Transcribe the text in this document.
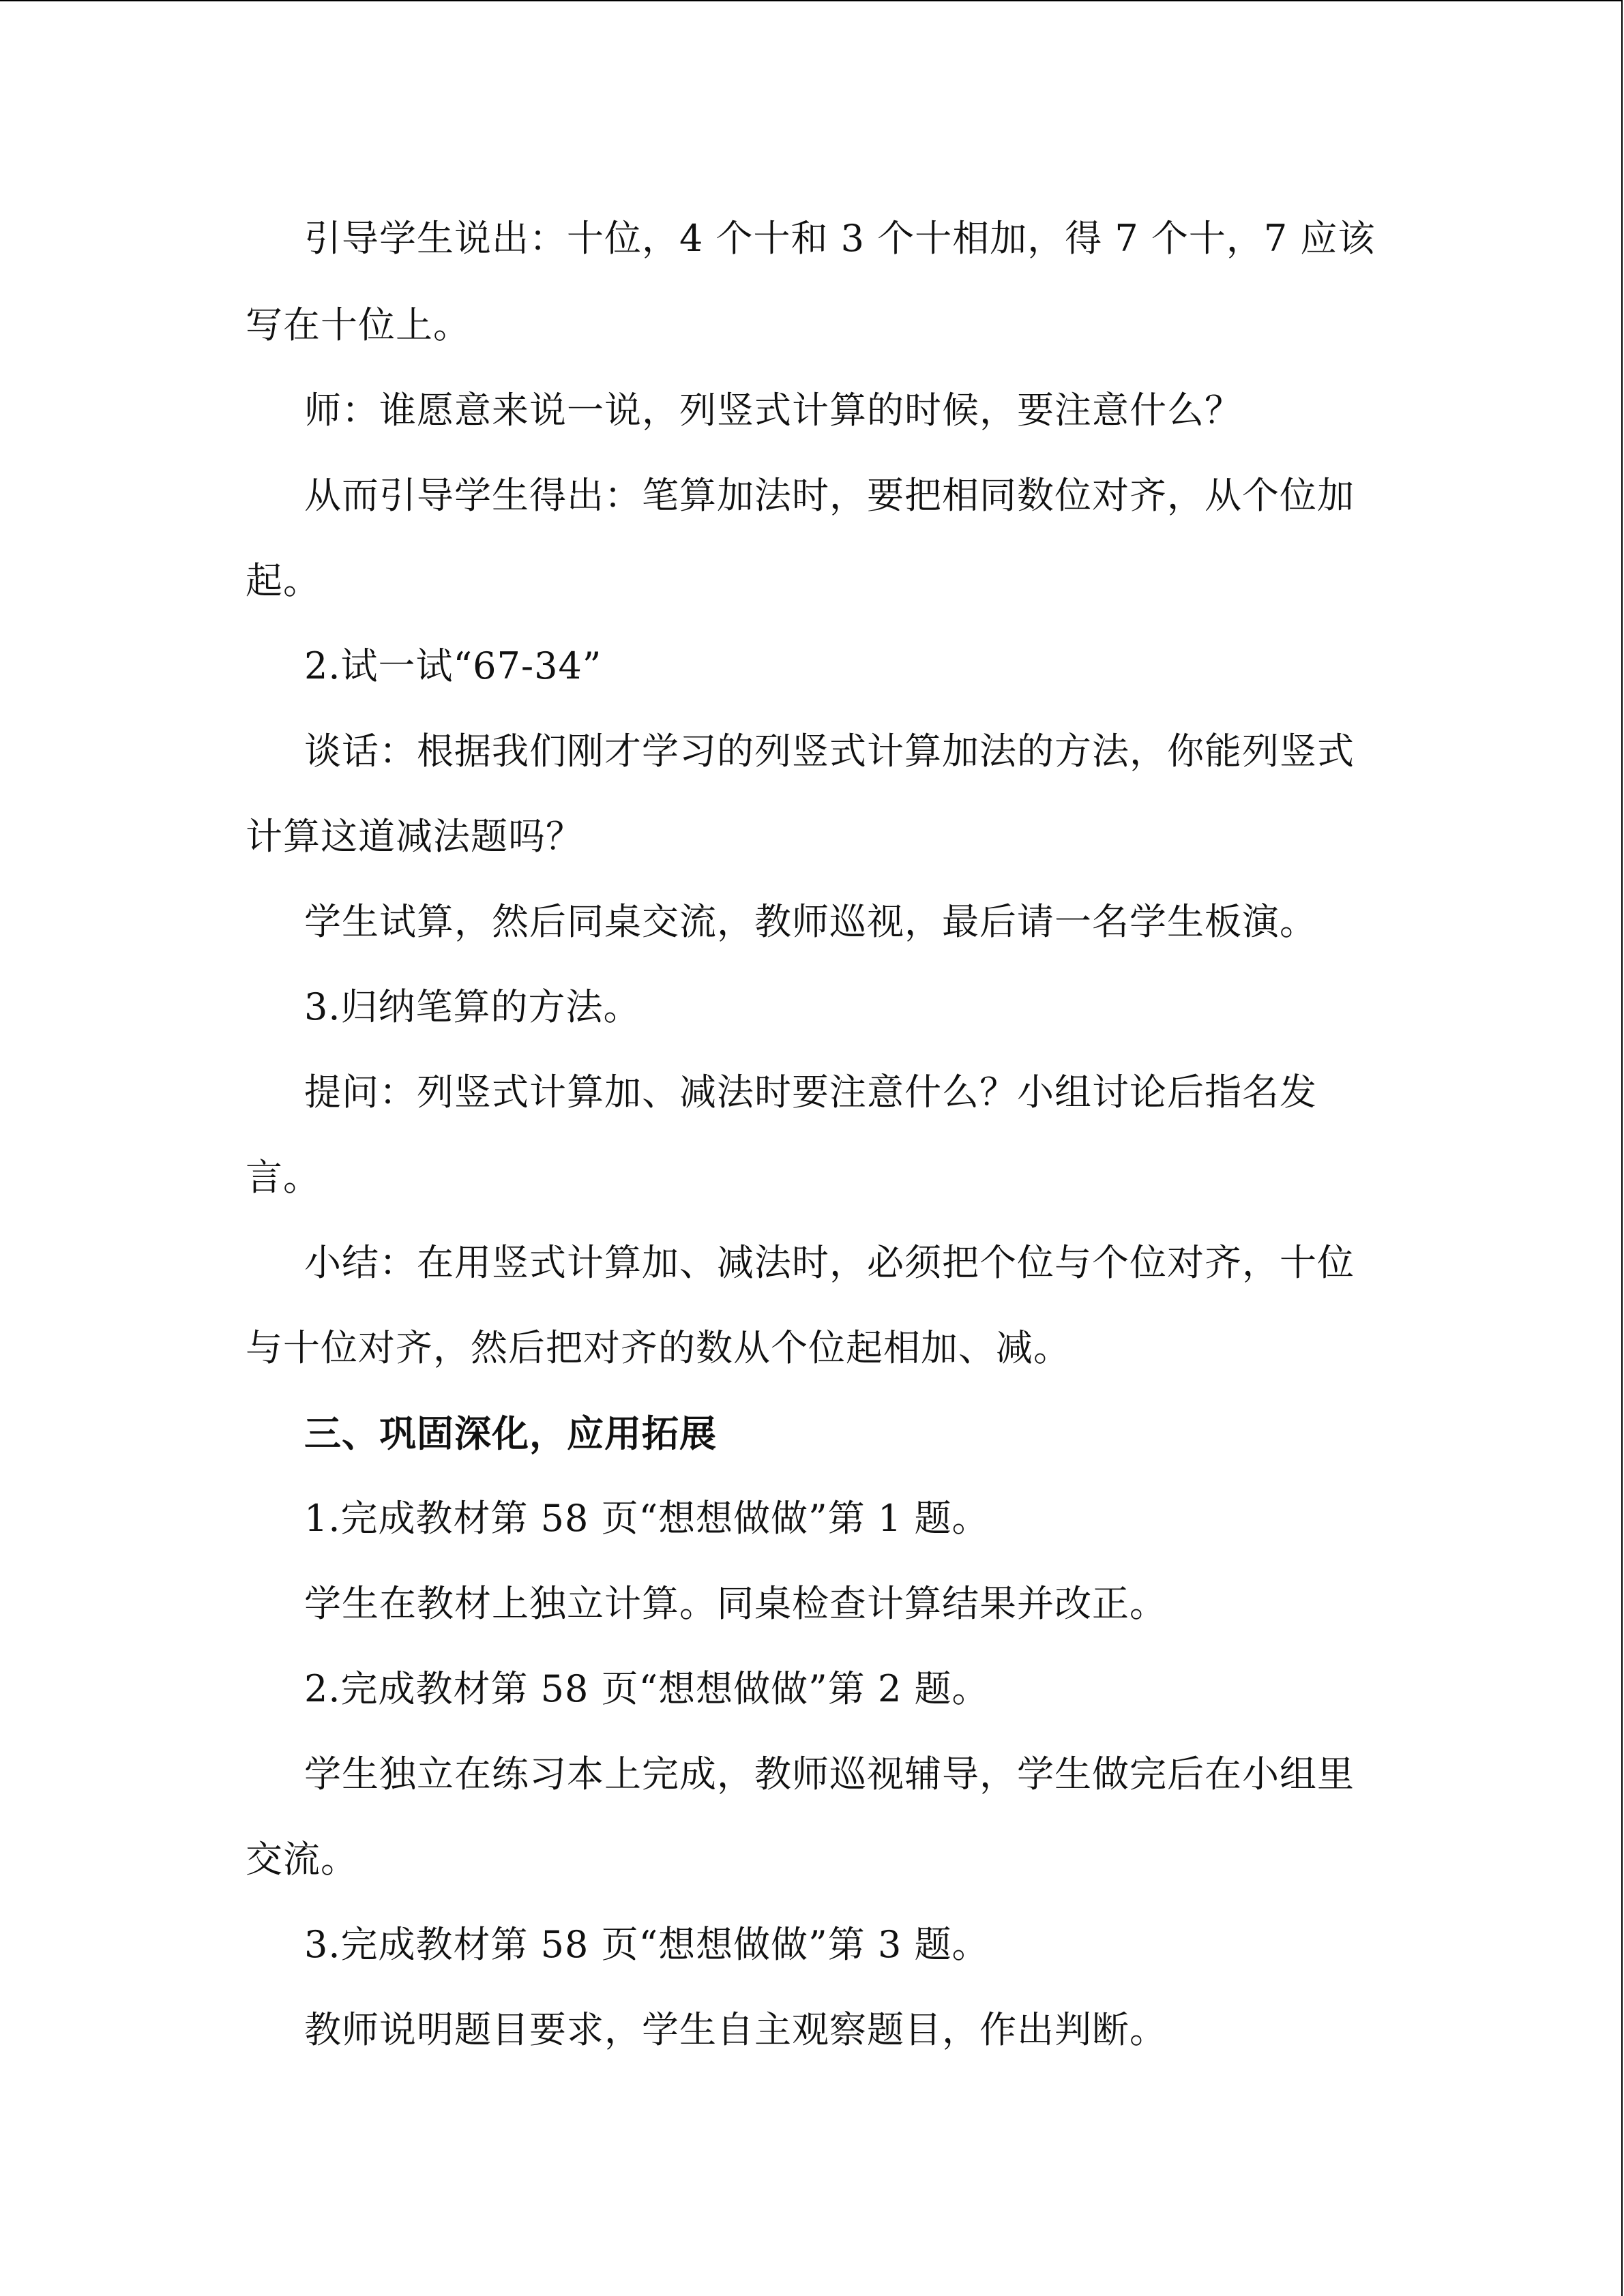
引导学生说出：十位，4 个十和 3 个十相加，得 7 个十，7 应该
写在十位上。
师：谁愿意来说一说，列竖式计算的时候，要注意什么？
从而引导学生得出：笔算加法时，要把相同数位对齐，从个位加
起。
2.试一试“67-34”
谈话：根据我们刚才学习的列竖式计算加法的方法，你能列竖式
计算这道减法题吗？
学生试算，然后同桌交流，教师巡视，最后请一名学生板演。
3.归纳笔算的方法。
提问：列竖式计算加、减法时要注意什么？小组讨论后指名发
言。
小结：在用竖式计算加、减法时，必须把个位与个位对齐，十位
与十位对齐，然后把对齐的数从个位起相加、减。
三、巩固深化，应用拓展
1.完成教材第 58 页“想想做做”第 1 题。
学生在教材上独立计算。同桌检查计算结果并改正。
2.完成教材第 58 页“想想做做”第 2 题。
学生独立在练习本上完成，教师巡视辅导，学生做完后在小组里
交流。
3.完成教材第 58 页“想想做做”第 3 题。
教师说明题目要求，学生自主观察题目，作出判断。
